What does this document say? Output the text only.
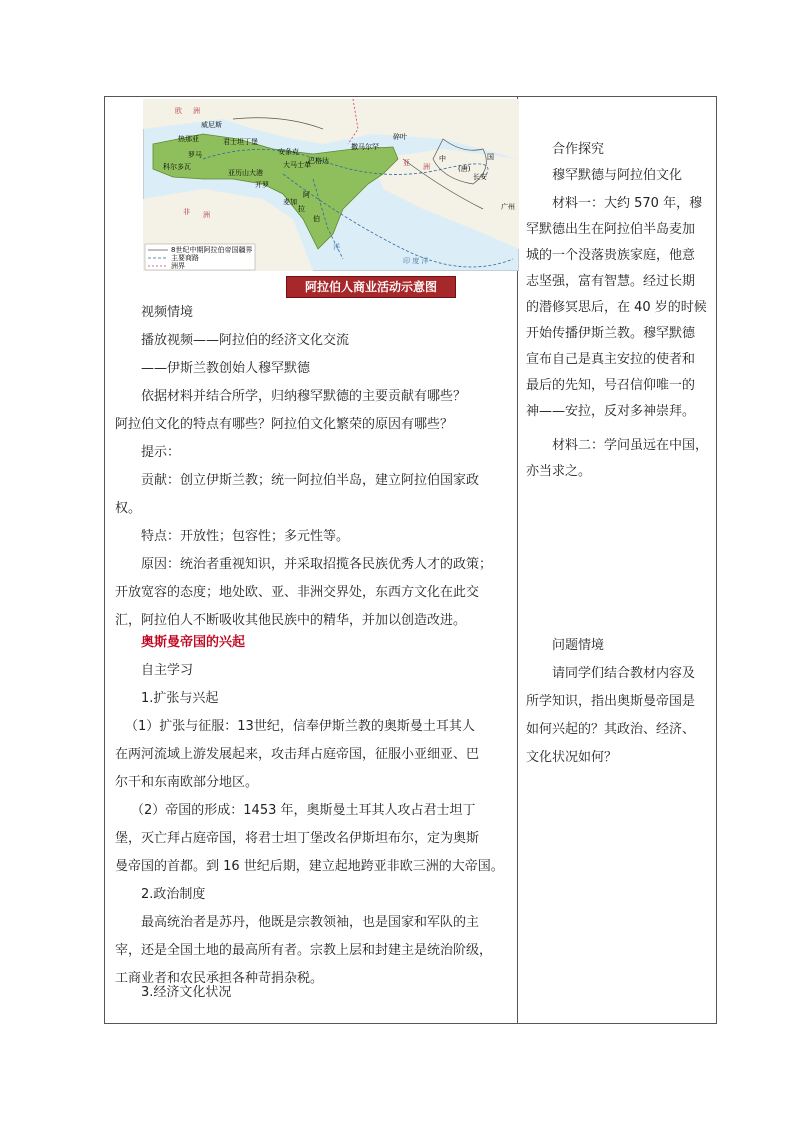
欧 洲
亚 洲
非 洲
威尼斯
君士坦丁堡
热那亚
罗马
科尔多瓦
亚历山大港
开罗
大马士革
巴格达
安条克
撒马尔罕
碎叶
中	国
(唐)
长安
广州
阿
拉
伯
麦加
印 度 洋
洋
8世纪中期阿拉伯帝国疆界
主要商路
洲界
阿拉伯人商业活动示意图
视频情境
播放视频——阿拉伯的经济文化交流
——伊斯兰教创始人穆罕默德
依据材料并结合所学，归纳穆罕默德的主要贡献有哪些？
阿拉伯文化的特点有哪些？阿拉伯文化繁荣的原因有哪些？
提示：
贡献：创立伊斯兰教；统一阿拉伯半岛，建立阿拉伯国家政
权。
特点：开放性；包容性；多元性等。
原因：统治者重视知识，并采取招揽各民族优秀人才的政策；
开放宽容的态度；地处欧、亚、非洲交界处，东西方文化在此交
汇，阿拉伯人不断吸收其他民族中的精华，并加以创造改进。
奥斯曼帝国的兴起
自主学习
1.扩张与兴起
（1）扩张与征服：13世纪，信奉伊斯兰教的奥斯曼土耳其人
在两河流域上游发展起来，攻击拜占庭帝国，征服小亚细亚、巴
尔干和东南欧部分地区。
（2）帝国的形成：1453 年，奥斯曼土耳其人攻占君士坦丁
堡，灭亡拜占庭帝国，将君士坦丁堡改名伊斯坦布尔，定为奥斯
曼帝国的首都。到 16 世纪后期，建立起地跨亚非欧三洲的大帝国。
2.政治制度
最高统治者是苏丹，他既是宗教领袖，也是国家和军队的主
宰，还是全国土地的最高所有者。宗教上层和封建主是统治阶级，
工商业者和农民承担各种苛捐杂税。
3.经济文化状况
合作探究
穆罕默德与阿拉伯文化
材料一：大约 570 年，穆
罕默德出生在阿拉伯半岛麦加
城的一个没落贵族家庭，他意
志坚强，富有智慧。经过长期
的潜修冥思后，在 40 岁的时候
开始传播伊斯兰教。穆罕默德
宣布自己是真主安拉的使者和
最后的先知，号召信仰唯一的
神——安拉，反对多神崇拜。
材料二：学问虽远在中国，
亦当求之。
问题情境
请同学们结合教材内容及
所学知识，指出奥斯曼帝国是
如何兴起的？其政治、经济、
文化状况如何？
